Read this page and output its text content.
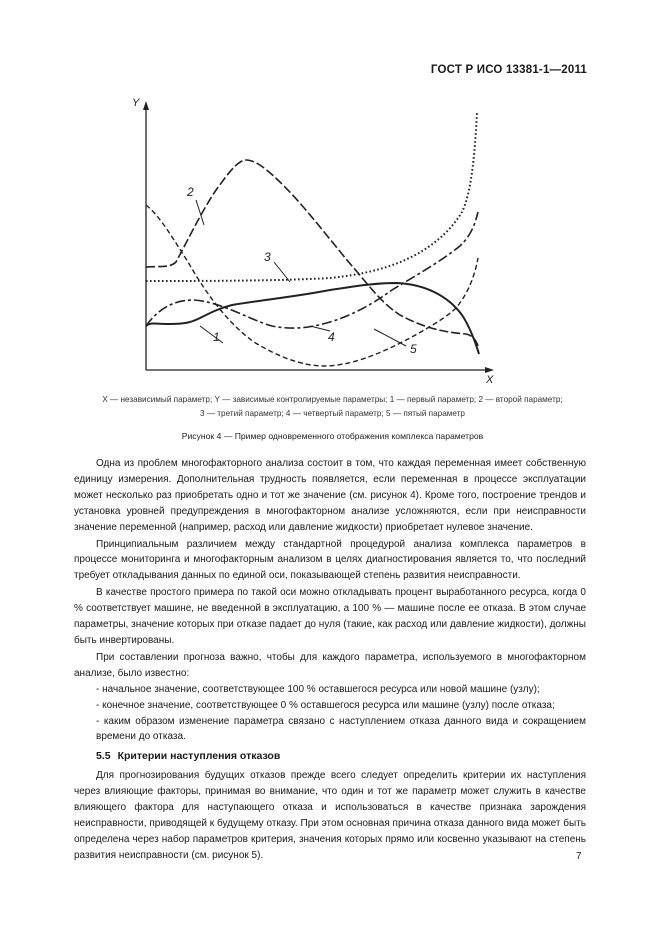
ГОСТ Р ИСО 13381-1—2011
Y
X
1
2
3
4
5
X — независимый параметр; Y — зависимые контролируемые параметры; 1 — первый параметр; 2 — второй параметр;
3 — третий параметр; 4 — четвертый параметр; 5 — пятый параметр
Рисунок 4 — Пример одновременного отображения комплекса параметров

Одна из проблем многофакторного анализа состоит в том, что каждая переменная имеет собственную единицу измерения. Дополнительная трудность появляется, если переменная в процессе эксплуатации может несколько раз приобретать одно и тот же значение (см. рисунок 4). Кроме того, построение трендов и установка уровней предупреждения в многофакторном анализе усложняются, если при неисправности значение переменной (например, расход или давление жидкости) приобретает нулевое значение.

Принципиальным различием между стандартной процедурой анализа комплекса параметров в процессе мониторинга и многофакторным анализом в целях диагностирования является то, что последний требует откладывания данных по единой оси, показывающей степень развития неисправности.

В качестве простого примера по такой оси можно откладывать процент выработанного ресурса, когда 0 % соответствует машине, не введенной в эксплуатацию, а 100 % — машине после ее отказа. В этом случае параметры, значение которых при отказе падает до нуля (такие, как расход или давление жидкости), должны быть инвертированы.

При составлении прогноза важно, чтобы для каждого параметра, используемого в многофакторном анализе, было известно:

- начальное значение, соответствующее 100 % оставшегося ресурса или новой машине (узлу);
- конечное значение, соответствующее 0 % оставшегося ресурса или машине (узлу) после отказа;
- каким образом изменение параметра связано с наступлением отказа данного вида и сокращением времени до отказа.
5.5 Критерии наступления отказов

Для прогнозирования будущих отказов прежде всего следует определить критерии их наступления через влияющие факторы, принимая во внимание, что один и тот же параметр может служить в качестве влияющего фактора для наступающего отказа и использоваться в качестве признака зарождения неисправности, приводящей к будущему отказу. При этом основная причина отказа данного вида может быть определена через набор параметров критерия, значения которых прямо или косвенно указывают на степень развития неисправности (см. рисунок 5).	7
